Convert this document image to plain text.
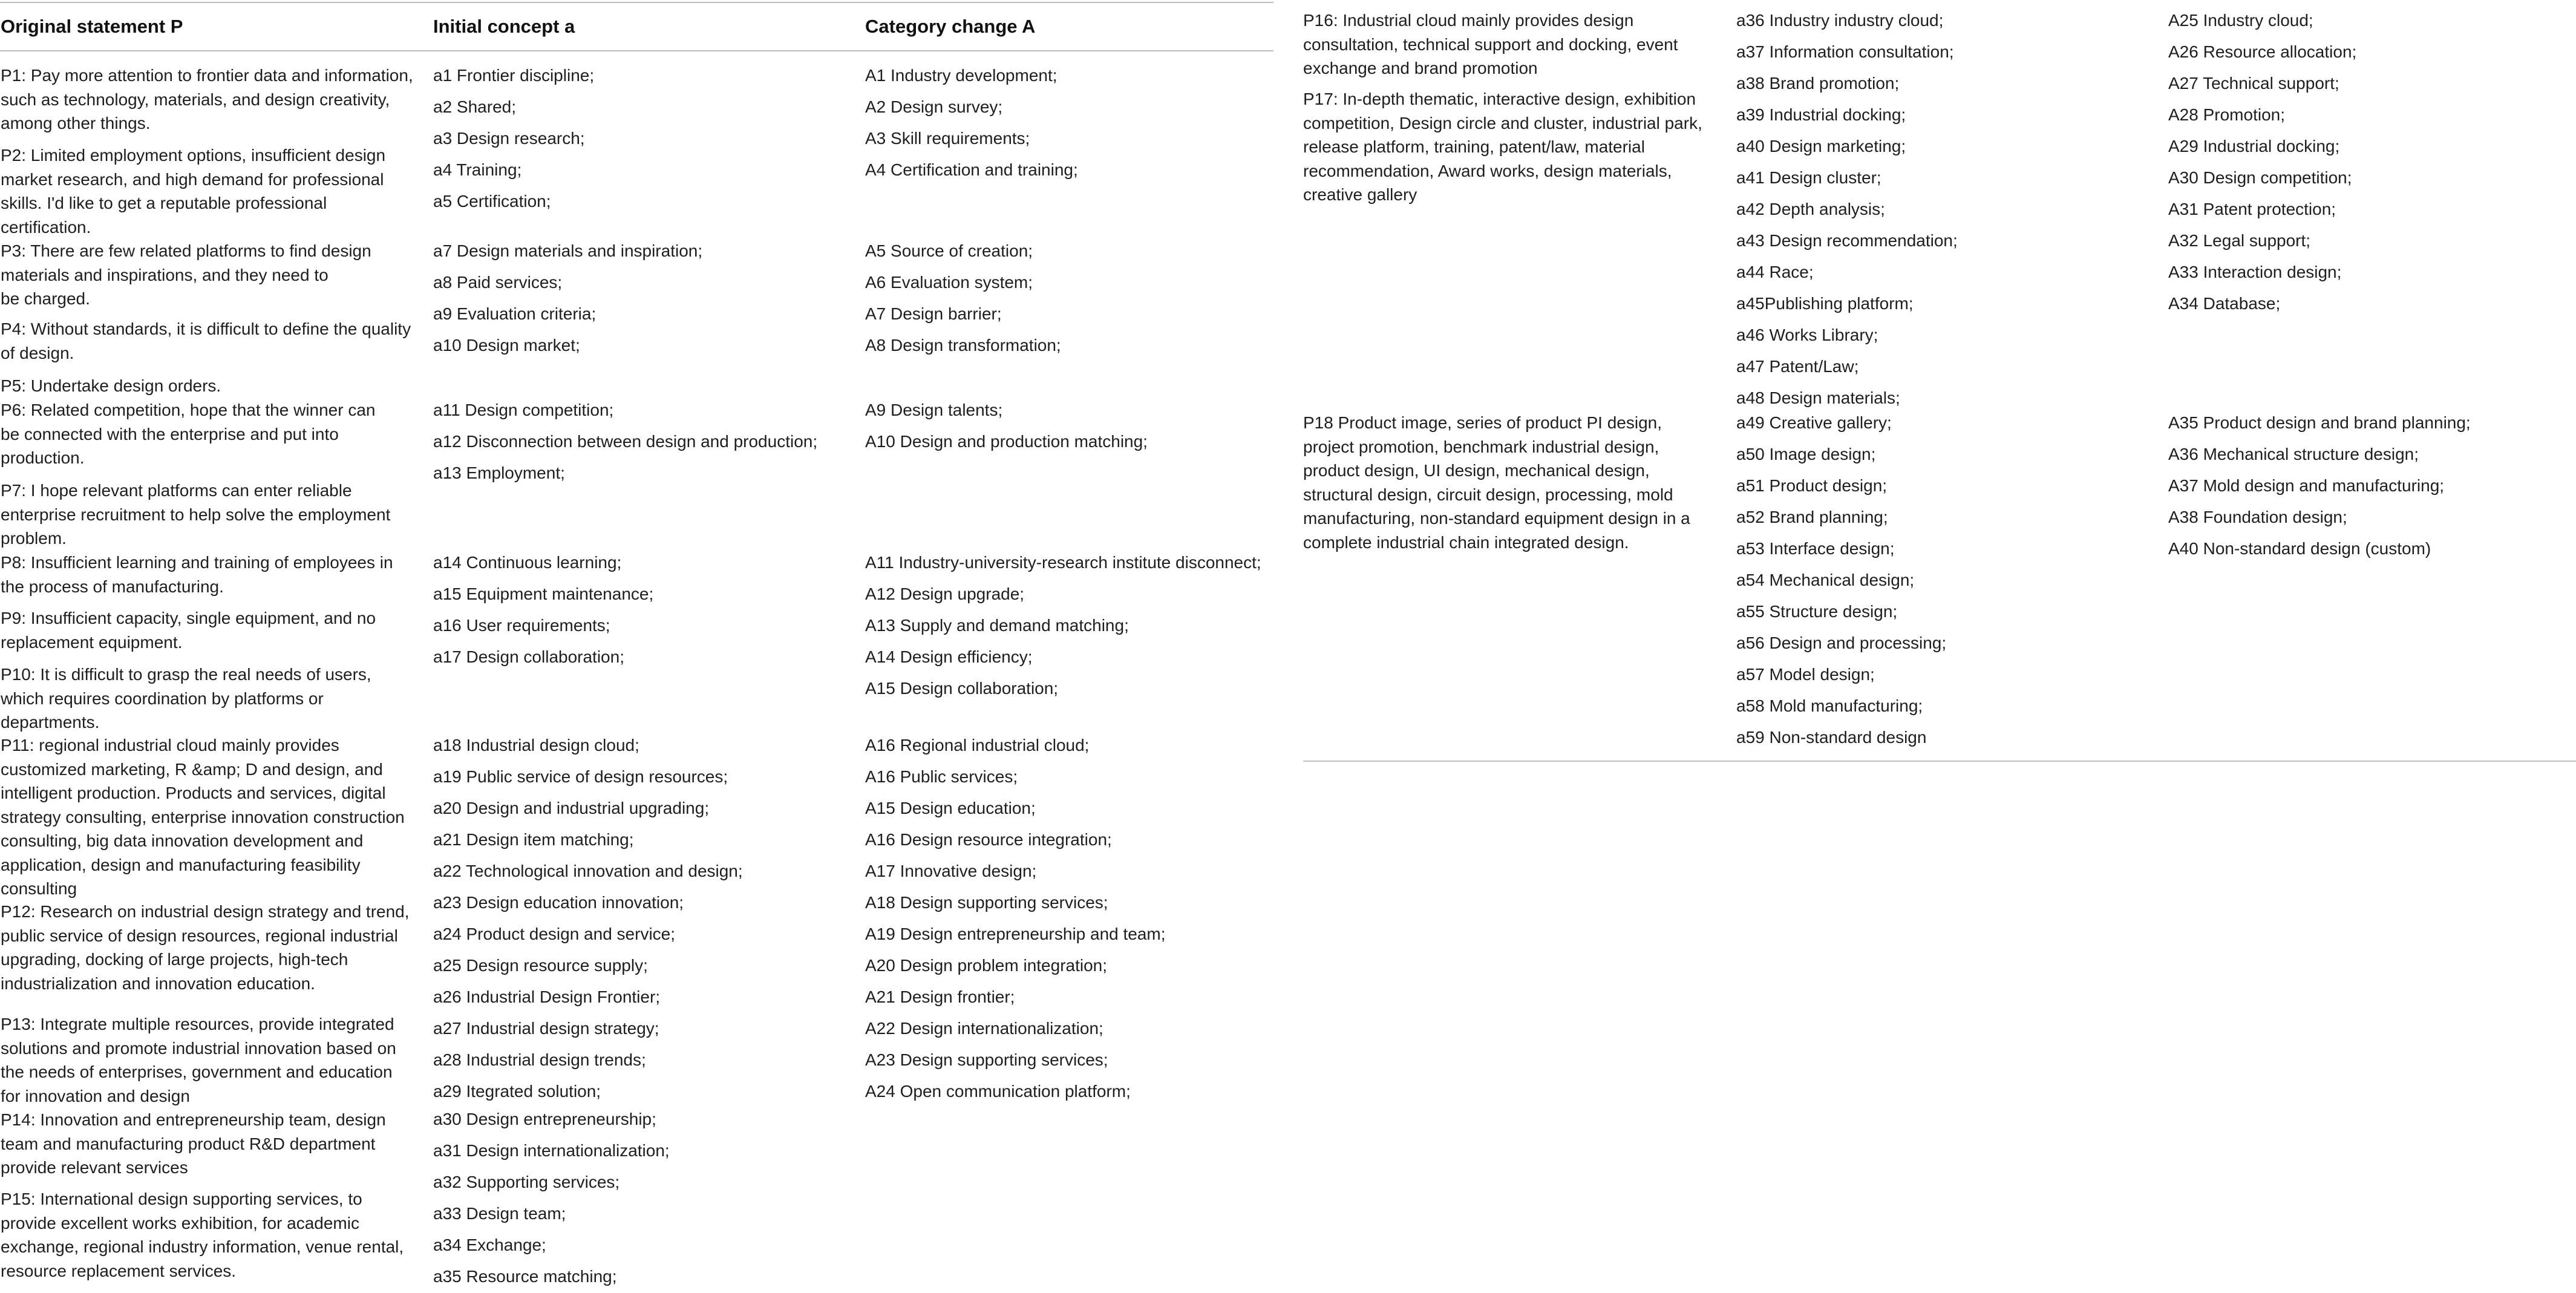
Original statement P	Initial concept a	Category change A
P1: Pay more attention to frontier data and information,
such as technology, materials, and design creativity,
among other things.
P2: Limited employment options, insufficient design
market research, and high demand for professional
skills. I'd like to get a reputable professional
certification.
P3: There are few related platforms to find design
materials and inspirations, and they need to
be charged.
P4: Without standards, it is difficult to define the quality
of design.
P5: Undertake design orders.
P6: Related competition, hope that the winner can
be connected with the enterprise and put into
production.
P7: I hope relevant platforms can enter reliable
enterprise recruitment to help solve the employment
problem.
P8: Insufficient learning and training of employees in
the process of manufacturing.
P9: Insufficient capacity, single equipment, and no
replacement equipment.
P10: It is difficult to grasp the real needs of users,
which requires coordination by platforms or
departments.
P11: regional industrial cloud mainly provides
customized marketing, R &amp; D and design, and
intelligent production. Products and services, digital
strategy consulting, enterprise innovation construction
consulting, big data innovation development and
application, design and manufacturing feasibility
consulting
P12: Research on industrial design strategy and trend,
public service of design resources, regional industrial
upgrading, docking of large projects, high-tech
industrialization and innovation education.
P13: Integrate multiple resources, provide integrated
solutions and promote industrial innovation based on
the needs of enterprises, government and education
for innovation and design
P14: Innovation and entrepreneurship team, design
team and manufacturing product R&D department
provide relevant services
P15: International design supporting services, to
provide excellent works exhibition, for academic
exchange, regional industry information, venue rental,
resource replacement services.
a1 Frontier discipline;
a2 Shared;
a3 Design research;
a4 Training;
a5 Certification;
a7 Design materials and inspiration;
a8 Paid services;
a9 Evaluation criteria;
a10 Design market;
a11 Design competition;
a12 Disconnection between design and production;
a13 Employment;
a14 Continuous learning;
a15 Equipment maintenance;
a16 User requirements;
a17 Design collaboration;
a18 Industrial design cloud;
a19 Public service of design resources;
a20 Design and industrial upgrading;
a21 Design item matching;
a22 Technological innovation and design;
a23 Design education innovation;
a24 Product design and service;
a25 Design resource supply;
a26 Industrial Design Frontier;
a27 Industrial design strategy;
a28 Industrial design trends;
a29 Itegrated solution;
a30 Design entrepreneurship;
a31 Design internationalization;
a32 Supporting services;
a33 Design team;
a34 Exchange;
a35 Resource matching;
A1 Industry development;
A2 Design survey;
A3 Skill requirements;
A4 Certification and training;
A5 Source of creation;
A6 Evaluation system;
A7 Design barrier;
A8 Design transformation;
A9 Design talents;
A10 Design and production matching;
A11 Industry-university-research institute disconnect;
A12 Design upgrade;
A13 Supply and demand matching;
A14 Design efficiency;
A15 Design collaboration;
A16 Regional industrial cloud;
A16 Public services;
A15 Design education;
A16 Design resource integration;
A17 Innovative design;
A18 Design supporting services;
A19 Design entrepreneurship and team;
A20 Design problem integration;
A21 Design frontier;
A22 Design internationalization;
A23 Design supporting services;
A24 Open communication platform;
P16: Industrial cloud mainly provides design
consultation, technical support and docking, event
exchange and brand promotion
P17: In-depth thematic, interactive design, exhibition
competition, Design circle and cluster, industrial park,
release platform, training, patent/law, material
recommendation, Award works, design materials,
creative gallery
P18 Product image, series of product PI design,
project promotion, benchmark industrial design,
product design, UI design, mechanical design,
structural design, circuit design, processing, mold
manufacturing, non-standard equipment design in a
complete industrial chain integrated design.
a36 Industry industry cloud;
a37 Information consultation;
a38 Brand promotion;
a39 Industrial docking;
a40 Design marketing;
a41 Design cluster;
a42 Depth analysis;
a43 Design recommendation;
a44 Race;
a45Publishing platform;
a46 Works Library;
a47 Patent/Law;
a48 Design materials;
a49 Creative gallery;
a50 Image design;
a51 Product design;
a52 Brand planning;
a53 Interface design;
a54 Mechanical design;
a55 Structure design;
a56 Design and processing;
a57 Model design;
a58 Mold manufacturing;
a59 Non-standard design
A25 Industry cloud;
A26 Resource allocation;
A27 Technical support;
A28 Promotion;
A29 Industrial docking;
A30 Design competition;
A31 Patent protection;
A32 Legal support;
A33 Interaction design;
A34 Database;
A35 Product design and brand planning;
A36 Mechanical structure design;
A37 Mold design and manufacturing;
A38 Foundation design;
A40 Non-standard design (custom)
